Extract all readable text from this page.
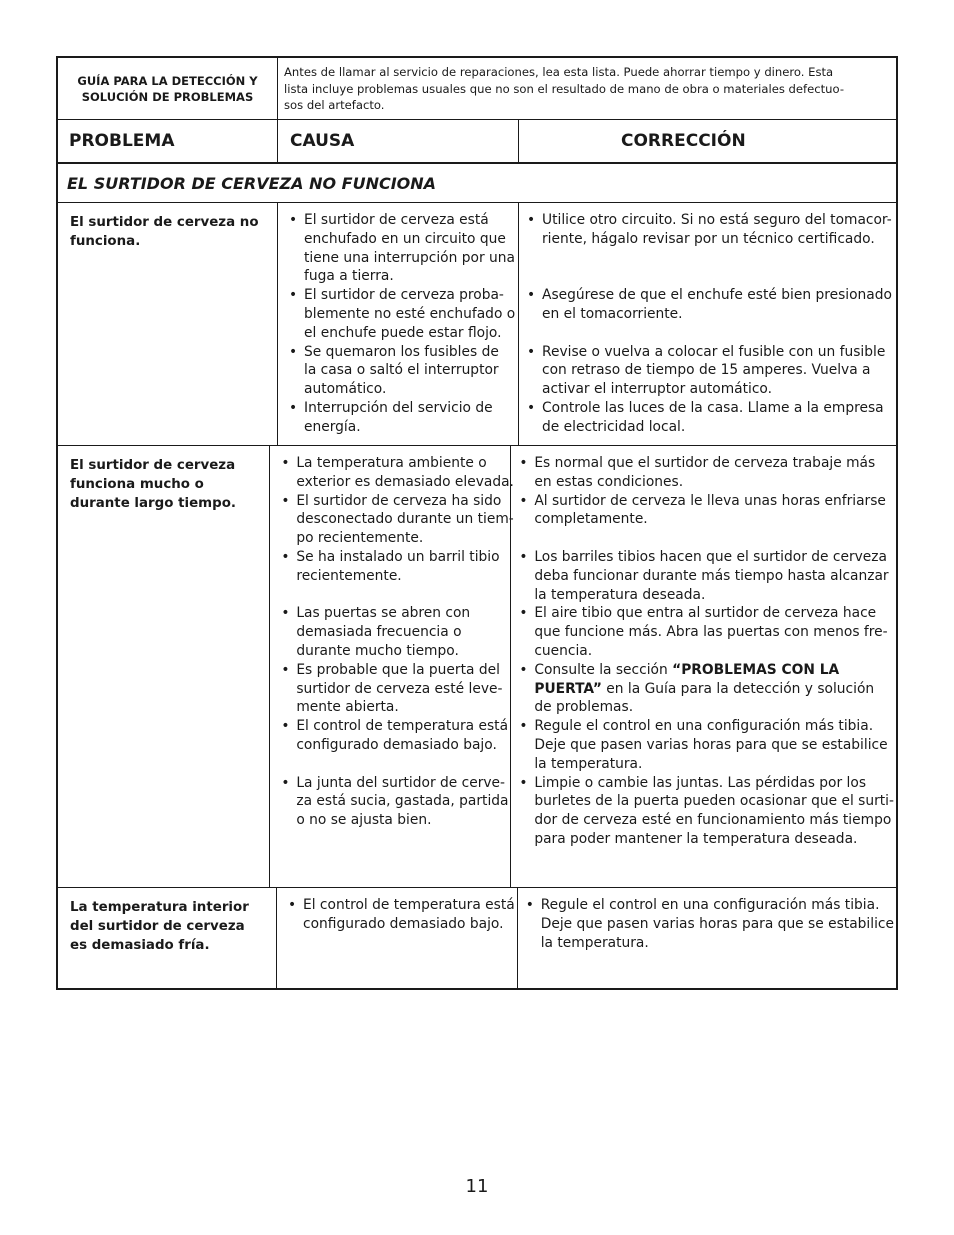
GUÍA PARA LA DETECCIÓN Y
SOLUCIÓN DE PROBLEMAS
Antes de llamar al servicio de reparaciones, lea esta lista. Puede ahorrar tiempo y dinero. Esta
lista incluye problemas usuales que no son el resultado de mano de obra o materiales defectuo-
sos del artefacto.
PROBLEMA	CAUSA	CORRECCIÓN
EL SURTIDOR DE CERVEZA NO FUNCIONA
El surtidor de cerveza no
funciona.
• El surtidor de cerveza está
enchufado en un circuito que
tiene una interrupción por una
fuga a tierra.
• El surtidor de cerveza proba-
blemente no esté enchufado o
el enchufe puede estar flojo.
• Se quemaron los fusibles de
la casa o saltó el interruptor
automático.
• Interrupción del servicio de
energía.
• Utilice otro circuito. Si no está seguro del tomacor-
riente, hágalo revisar por un técnico certificado.
• Asegúrese de que el enchufe esté bien presionado
en el tomacorriente.
• Revise o vuelva a colocar el fusible con un fusible
con retraso de tiempo de 15 amperes. Vuelva a
activar el interruptor automático.
• Controle las luces de la casa. Llame a la empresa
de electricidad local.
El surtidor de cerveza
funciona mucho o
durante largo tiempo.
• La temperatura ambiente o
exterior es demasiado elevada.
• El surtidor de cerveza ha sido
desconectado durante un tiem-
po recientemente.
• Se ha instalado un barril tibio
recientemente.
• Las puertas se abren con
demasiada frecuencia o
durante mucho tiempo.
• Es probable que la puerta del
surtidor de cerveza esté leve-
mente abierta.
• El control de temperatura está
configurado demasiado bajo.
• La junta del surtidor de cerve-
za está sucia, gastada, partida
o no se ajusta bien.
• Es normal que el surtidor de cerveza trabaje más
en estas condiciones.
• Al surtidor de cerveza le lleva unas horas enfriarse
completamente.
• Los barriles tibios hacen que el surtidor de cerveza
deba funcionar durante más tiempo hasta alcanzar
la temperatura deseada.
• El aire tibio que entra al surtidor de cerveza hace
que funcione más. Abra las puertas con menos fre-
cuencia.
• Consulte la sección “PROBLEMAS CON LA
PUERTA” en la Guía para la detección y solución
de problemas.
• Regule el control en una configuración más tibia.
Deje que pasen varias horas para que se estabilice
la temperatura.
• Limpie o cambie las juntas. Las pérdidas por los
burletes de la puerta pueden ocasionar que el surti-
dor de cerveza esté en funcionamiento más tiempo
para poder mantener la temperatura deseada.
La temperatura interior
del surtidor de cerveza
es demasiado fría.
• El control de temperatura está
configurado demasiado bajo.
• Regule el control en una configuración más tibia.
Deje que pasen varias horas para que se estabilice
la temperatura.
11
